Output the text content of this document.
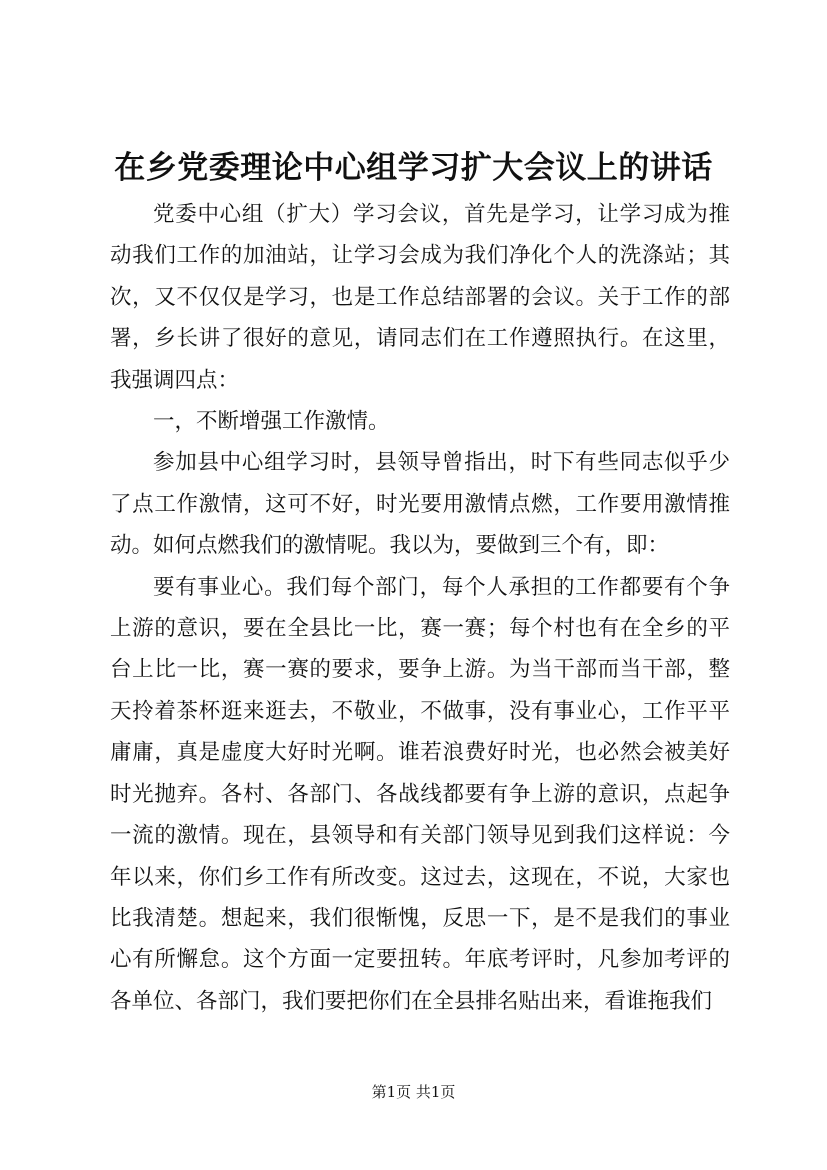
在乡党委理论中心组学习扩大会议上的讲话

党委中心组（扩大）学习会议，首先是学习，让学习成为推动我们工作的加油站，让学习会成为我们净化个人的洗涤站；其次，又不仅仅是学习，也是工作总结部署的会议。关于工作的部署，乡长讲了很好的意见，请同志们在工作遵照执行。在这里，我强调四点：

一，不断增强工作激情。

参加县中心组学习时，县领导曾指出，时下有些同志似乎少了点工作激情，这可不好，时光要用激情点燃，工作要用激情推动。如何点燃我们的激情呢。我以为，要做到三个有，即：

要有事业心。我们每个部门，每个人承担的工作都要有个争上游的意识，要在全县比一比，赛一赛；每个村也有在全乡的平台上比一比，赛一赛的要求，要争上游。为当干部而当干部，整天拎着茶杯逛来逛去，不敬业，不做事，没有事业心，工作平平庸庸，真是虚度大好时光啊。谁若浪费好时光，也必然会被美好时光抛弃。各村、各部门、各战线都要有争上游的意识，点起争一流的激情。现在，县领导和有关部门领导见到我们这样说：今年以来，你们乡工作有所改变。这过去，这现在，不说，大家也比我清楚。想起来，我们很惭愧，反思一下，是不是我们的事业心有所懈怠。这个方面一定要扭转。年底考评时，凡参加考评的各单位、各部门，我们要把你们在全县排名贴出来，看谁拖我们

第1页 共1页
